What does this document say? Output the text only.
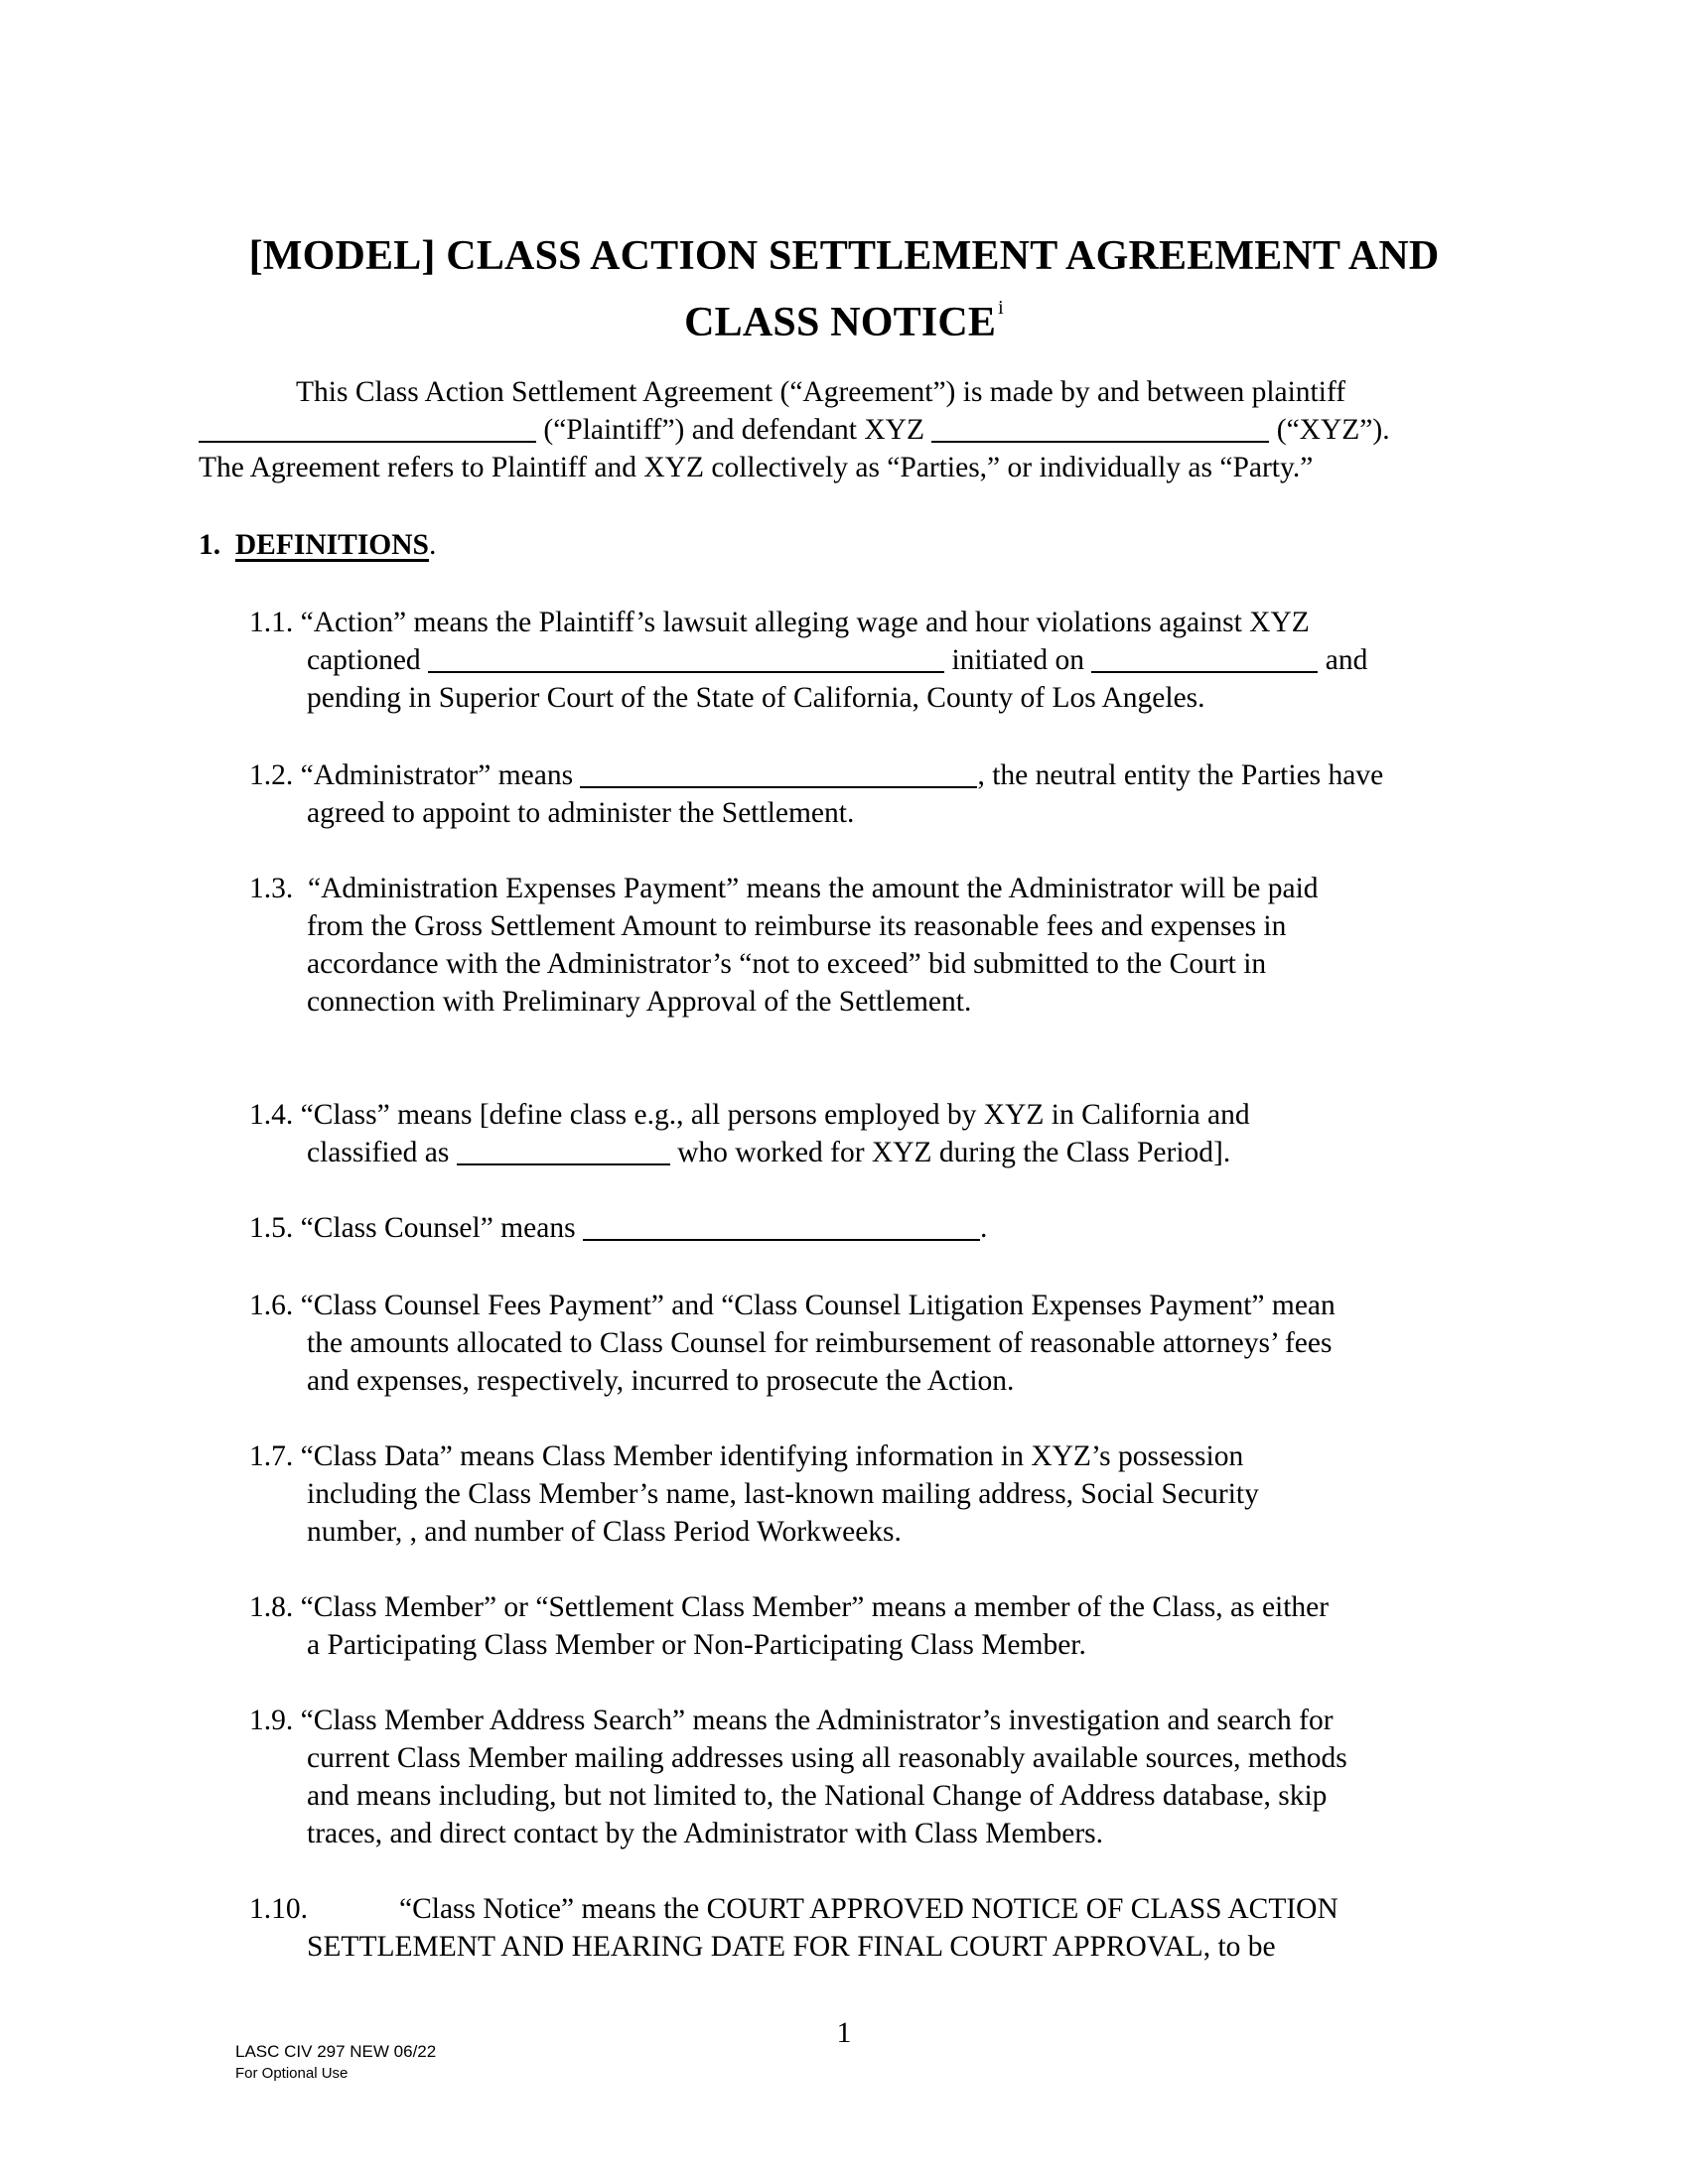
[MODEL] CLASS ACTION SETTLEMENT AGREEMENT AND
CLASS NOTICE $^i$
This Class Action Settlement Agreement (“Agreement”) is made by and between plaintiff
(“Plaintiff”) and defendant XYZ	(“XYZ”).
The Agreement refers to Plaintiff and XYZ collectively as “Parties,” or individually as “Party.”
1. DEFINITIONS.
1.1. “Action” means the Plaintiff’s lawsuit alleging wage and hour violations against XYZ
captioned	initiated on	and
pending in Superior Court of the State of California, County of Los Angeles.
1.2. “Administrator” means	, the neutral entity the Parties have
agreed to appoint to administer the Settlement.
1.3. “Administration Expenses Payment” means the amount the Administrator will be paid
from the Gross Settlement Amount to reimburse its reasonable fees and expenses in
accordance with the Administrator’s “not to exceed” bid submitted to the Court in
connection with Preliminary Approval of the Settlement.
1.4. “Class” means [define class e.g., all persons employed by XYZ in California and
classified as	who worked for XYZ during the Class Period].
1.5. “Class Counsel” means	.
1.6. “Class Counsel Fees Payment” and “Class Counsel Litigation Expenses Payment” mean
the amounts allocated to Class Counsel for reimbursement of reasonable attorneys’ fees
and expenses, respectively, incurred to prosecute the Action.
1.7. “Class Data” means Class Member identifying information in XYZ’s possession
including the Class Member’s name, last-known mailing address, Social Security
number, , and number of Class Period Workweeks.
1.8. “Class Member” or “Settlement Class Member” means a member of the Class, as either
a Participating Class Member or Non-Participating Class Member.
1.9. “Class Member Address Search” means the Administrator’s investigation and search for
current Class Member mailing addresses using all reasonably available sources, methods
and means including, but not limited to, the National Change of Address database, skip
traces, and direct contact by the Administrator with Class Members.
1.10.	“Class Notice” means the COURT APPROVED NOTICE OF CLASS ACTION
SETTLEMENT AND HEARING DATE FOR FINAL COURT APPROVAL, to be
1
LASC CIV 297 NEW 06/22
For Optional Use
